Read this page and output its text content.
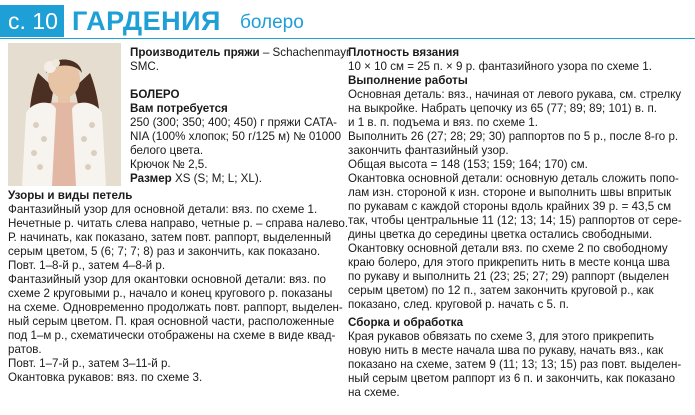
с. 10 ГАРДЕНИЯ болеро

Производитель пряжи – Schachenmayr

SMC.

БОЛЕРО

Вам потребуется

250 (300; 350; 400; 450) г пряжи CATA-

NIA (100% хлопок; 50 г/125 м) № 01000

белого цвета.

Крючок № 2,5.

Размер XS (S; M; L; XL).

Узоры и виды петель

Фантазийный узор для основной детали: вяз. по схеме 1.

Нечетные р. читать слева направо, четные р. – справа налево.

Р. начинать, как показано, затем повт. раппорт, выделенный

серым цветом, 5 (6; 7; 7; 8) раз и закончить, как показано.

Повт. 1–8-й р., затем 4–8-й р.

Фантазийный узор для окантовки основной детали: вяз. по

схеме 2 круговыми р., начало и конец кругового р. показаны

на схеме. Одновременно продолжать повт. раппорт, выделен-

ный серым цветом. П. края основной части, расположенные

под 1–м р., схематически отображены на схеме в виде квад-

ратов.

Повт. 1–7-й р., затем 3–11-й р.

Окантовка рукавов: вяз. по схеме 3.

Плотность вязания

10 × 10 см = 25 п. × 9 р. фантазийного узора по схеме 1.

Выполнение работы

Основная деталь: вяз., начиная от левого рукава, см. стрелку

на выкройке. Набрать цепочку из 65 (77; 89; 89; 101) в. п.

и 1 в. п. подъема и вяз. по схеме 1.

Выполнить 26 (27; 28; 29; 30) раппортов по 5 р., после 8-го р.

закончить фантазийный узор.

Общая высота = 148 (153; 159; 164; 170) см.

Окантовка основной детали: основную деталь сложить попо-

лам изн. стороной к изн. стороне и выполнить швы впритык

по рукавам с каждой стороны вдоль крайних 39 р. = 43,5 см

так, чтобы центральные 11 (12; 13; 14; 15) раппортов от сере-

дины цветка до середины цветка остались свободными.

Окантовку основной детали вяз. по схеме 2 по свободному

краю болеро, для этого прикрепить нить в месте конца шва

по рукаву и выполнить 21 (23; 25; 27; 29) раппорт (выделен

серым цветом) по 12 п., затем закончить круговой р., как

показано, след. круговой р. начать с 5. п.

Сборка и обработка

Края рукавов обвязать по схеме 3, для этого прикрепить

новую нить в месте начала шва по рукаву, начать вяз., как

показано на схеме, затем 9 (11; 13; 13; 15) раз повт. выделен-

ный серым цветом раппорт из 6 п. и закончить, как показано

на схеме.
